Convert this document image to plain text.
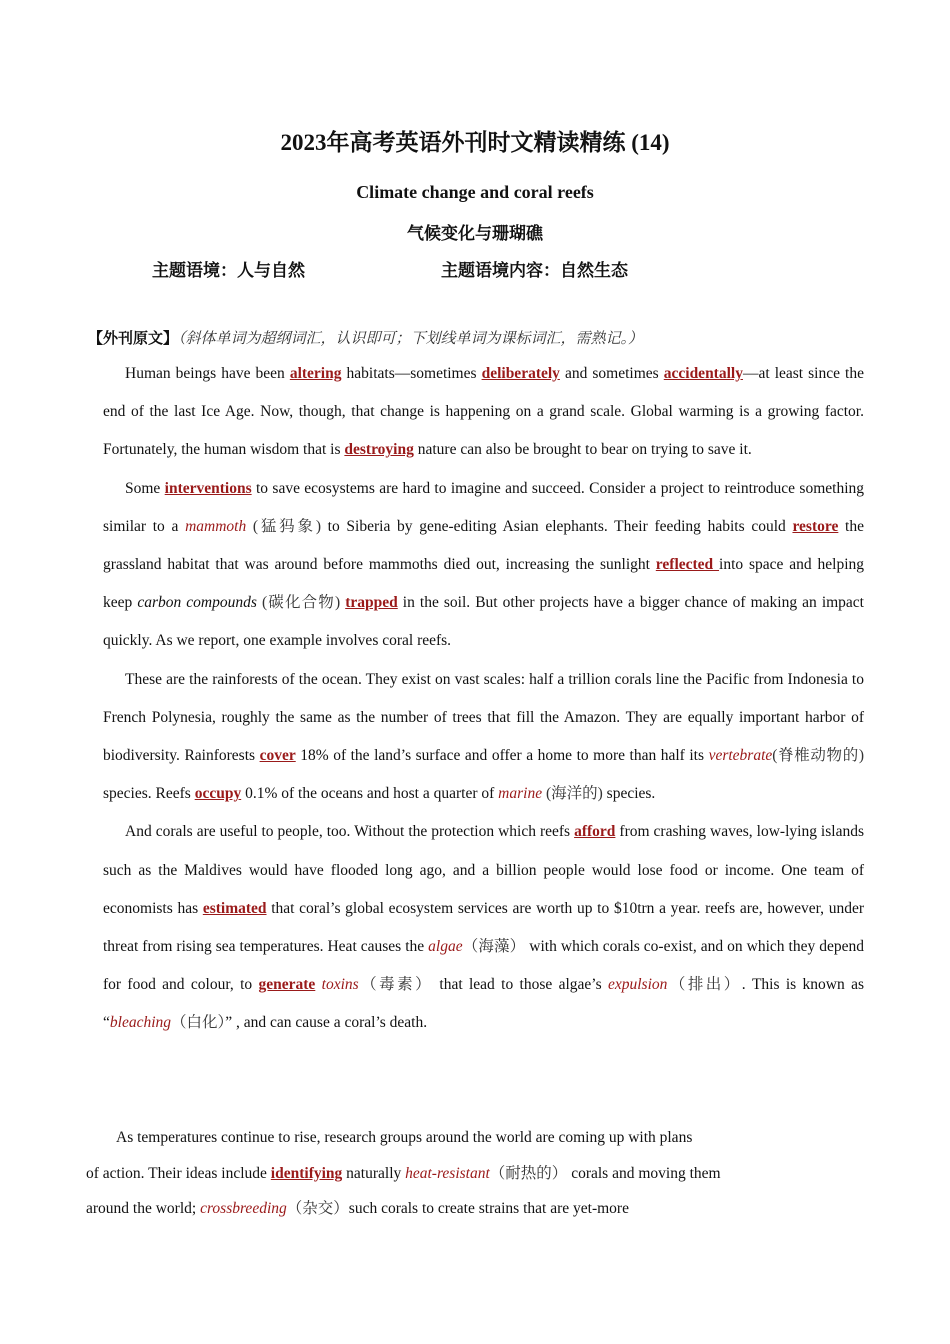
2023年高考英语外刊时文精读精练 (14)
Climate change and coral reefs
气候变化与珊瑚礁
主题语境：人与自然	主题语境内容：自然生态
【外刊原文】（斜体单词为超纲词汇，认识即可；下划线单词为课标词汇，需熟记。）

Human beings have been altering habitats—sometimes deliberately and sometimes accidentally—at least since the end of the last Ice Age. Now, though, that change is happening on a grand scale. Global warming is a growing factor. Fortunately, the human wisdom that is destroying nature can also be brought to bear on trying to save it.

Some interventions to save ecosystems are hard to imagine and succeed. Consider a project to reintroduce something similar to a mammoth (猛犸象) to Siberia by gene-editing Asian elephants. Their feeding habits could restore the grassland habitat that was around before mammoths died out, increasing the sunlight reflected into space and helping keep carbon compounds (碳化合物) trapped in the soil. But other projects have a bigger chance of making an impact quickly. As we report, one example involves coral reefs.

These are the rainforests of the ocean. They exist on vast scales: half a trillion corals line the Pacific from Indonesia to French Polynesia, roughly the same as the number of trees that fill the Amazon. They are equally important harbor of biodiversity. Rainforests cover 18% of the land’s surface and offer a home to more than half its vertebrate(脊椎动物的) species. Reefs occupy 0.1% of the oceans and host a quarter of marine (海洋的) species.

And corals are useful to people, too. Without the protection which reefs afford from crashing waves, low-lying islands such as the Maldives would have flooded long ago, and a billion people would lose food or income. One team of economists has estimated that coral’s global ecosystem services are worth up to $10trn a year. reefs are, however, under threat from rising sea temperatures. Heat causes the algae（海藻） with which corals co-exist, and on which they depend for food and colour, to generate toxins（毒素） that lead to those algae’s expulsion（排出）. This is known as “bleaching（白化）” , and can cause a coral’s death.

As temperatures continue to rise, research groups around the world are coming up with plans

of action. Their ideas include identifying naturally heat-resistant（耐热的） corals and moving them

around the world; crossbreeding（杂交）such corals to create strains that are yet-more
